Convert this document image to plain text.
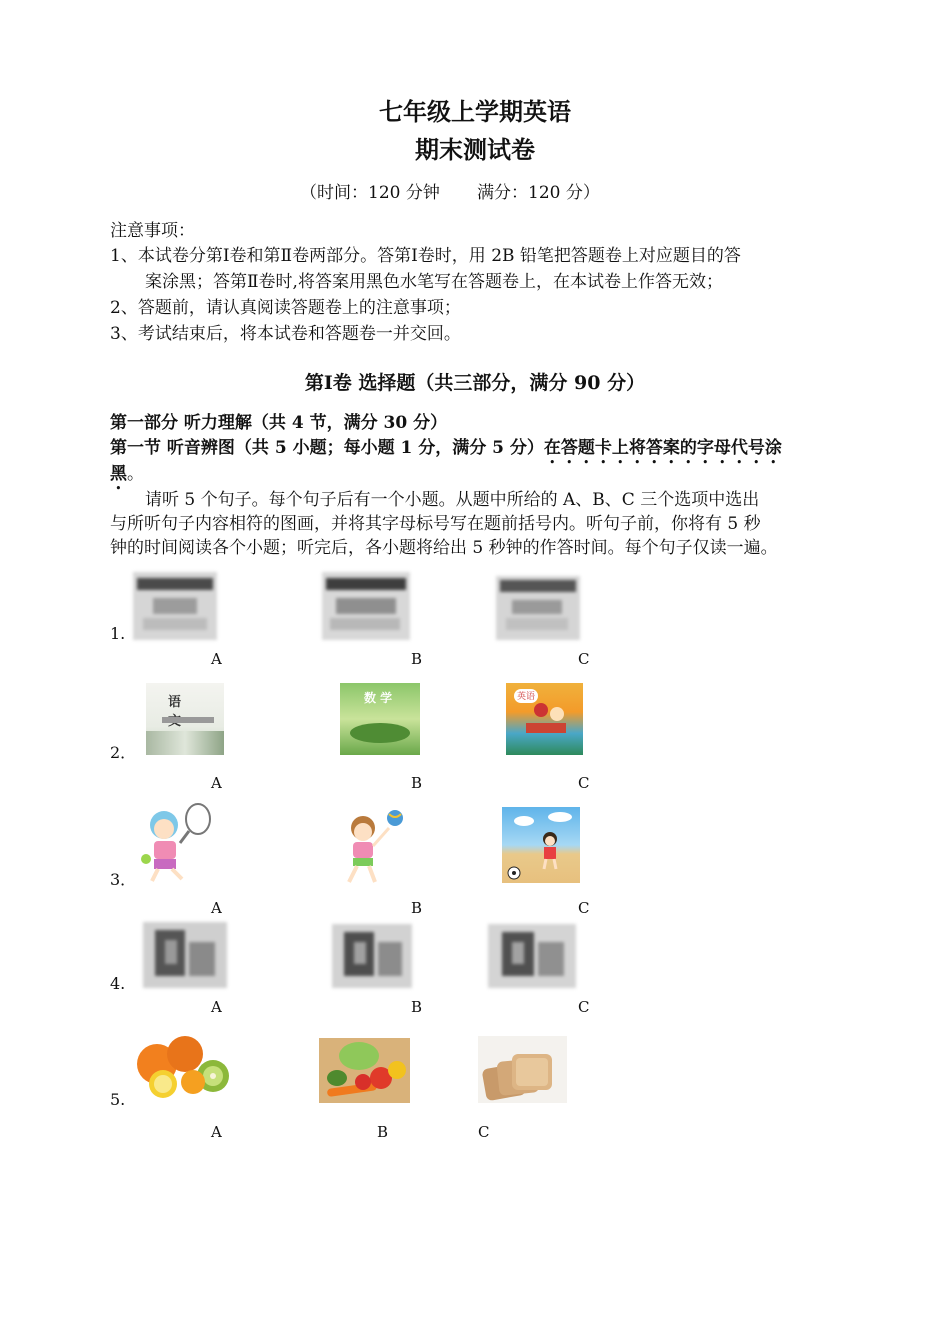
七年级上学期英语
期末测试卷
（时间：120 分钟 满分：120 分）
注意事项：
1、本试卷分第Ⅰ卷和第Ⅱ卷两部分。答第Ⅰ卷时，用 2B 铅笔把答题卷上对应题目的答
案涂黑；答第Ⅱ卷时,将答案用黑色水笔写在答题卷上，在本试卷上作答无效；
2、答题前，请认真阅读答题卷上的注意事项；
3、考试结束后，将本试卷和答题卷一并交回。
第Ⅰ卷 选择题（共三部分，满分 90 分）
第一部分 听力理解（共 4 节，满分 30 分）
第一节 听音辨图（共 5 小题；每小题 1 分，满分 5 分）在答题卡上将答案的字母代号涂
黑。
请听 5 个句子。每个句子后有一个小题。从题中所给的 A、B、C 三个选项中选出
与所听句子内容相符的图画，并将其字母标号写在题前括号内。听句子前，你将有 5 秒
钟的时间阅读各个小题；听完后，各小题将给出 5 秒钟的作答时间。每个句子仅读一遍。
1.
A	B	C
2．
语	数 学	英语
A	B	C
3．
A	B	C
4.
A	B	C
5.
A	B	C
